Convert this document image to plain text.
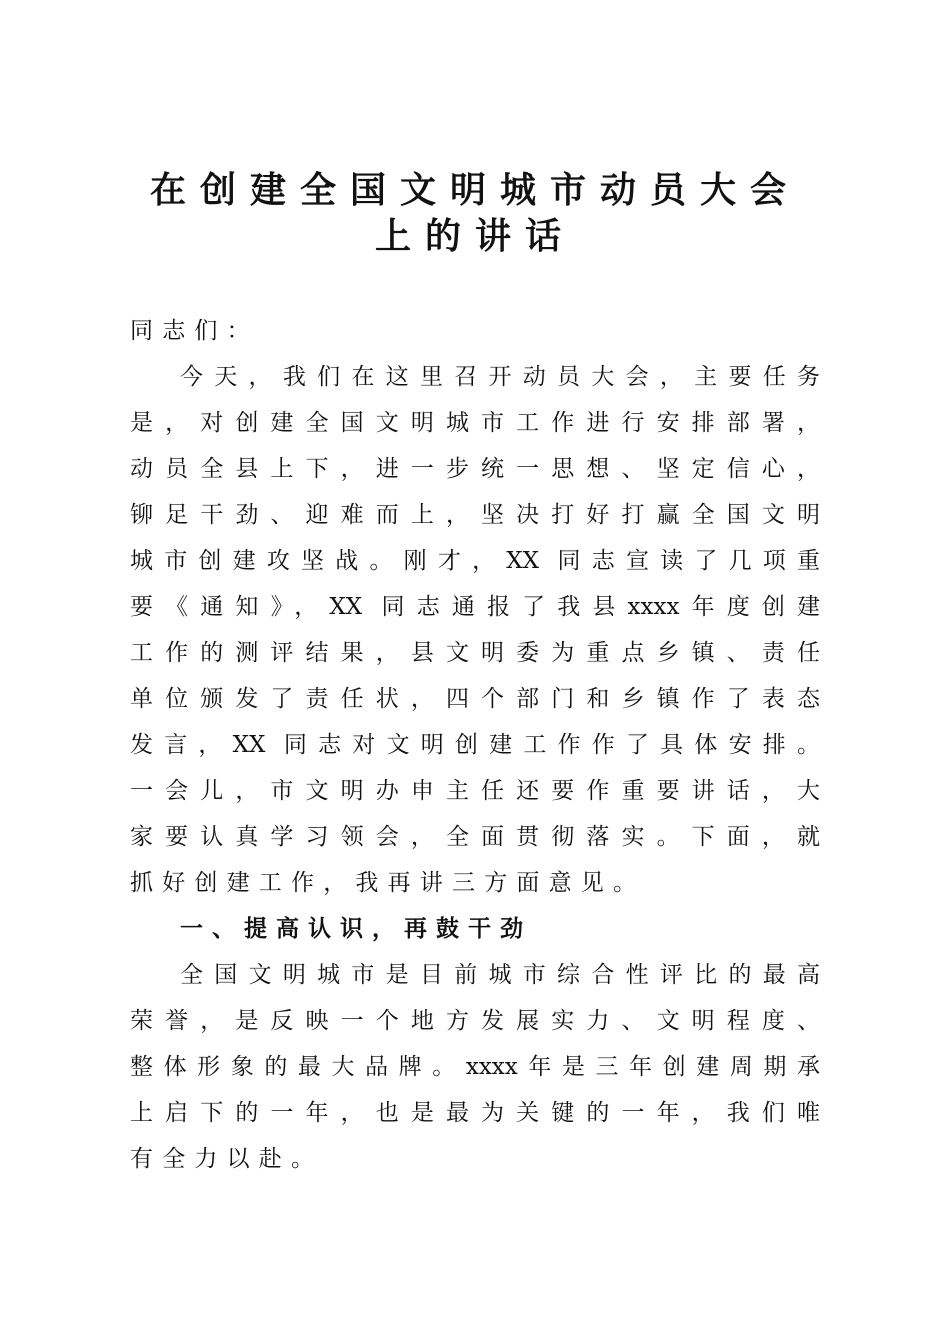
在创建全国文明城市动员大会
上的讲话
同志们：
今天，我们在这里召开动员大会，主要任务
是，对创建全国文明城市工作进行安排部署，
动员全县上下，进一步统一思想、坚定信心，
铆足干劲、迎难而上，坚决打好打赢全国文明
城市创建攻坚战。刚才，XX 同志宣读了几项重
要《通知》，XX 同志通报了我县xxxx年度创建
工作的测评结果，县文明委为重点乡镇、责任
单位颁发了责任状，四个部门和乡镇作了表态
发言，XX 同志对文明创建工作作了具体安排。
一会儿，市文明办申主任还要作重要讲话，大
家要认真学习领会，全面贯彻落实。下面，就
抓好创建工作，我再讲三方面意见。
一、提高认识，再鼓干劲
全国文明城市是目前城市综合性评比的最高
荣誉，是反映一个地方发展实力、文明程度、
整体形象的最大品牌。xxxx年是三年创建周期承
上启下的一年，也是最为关键的一年，我们唯
有全力以赴。
